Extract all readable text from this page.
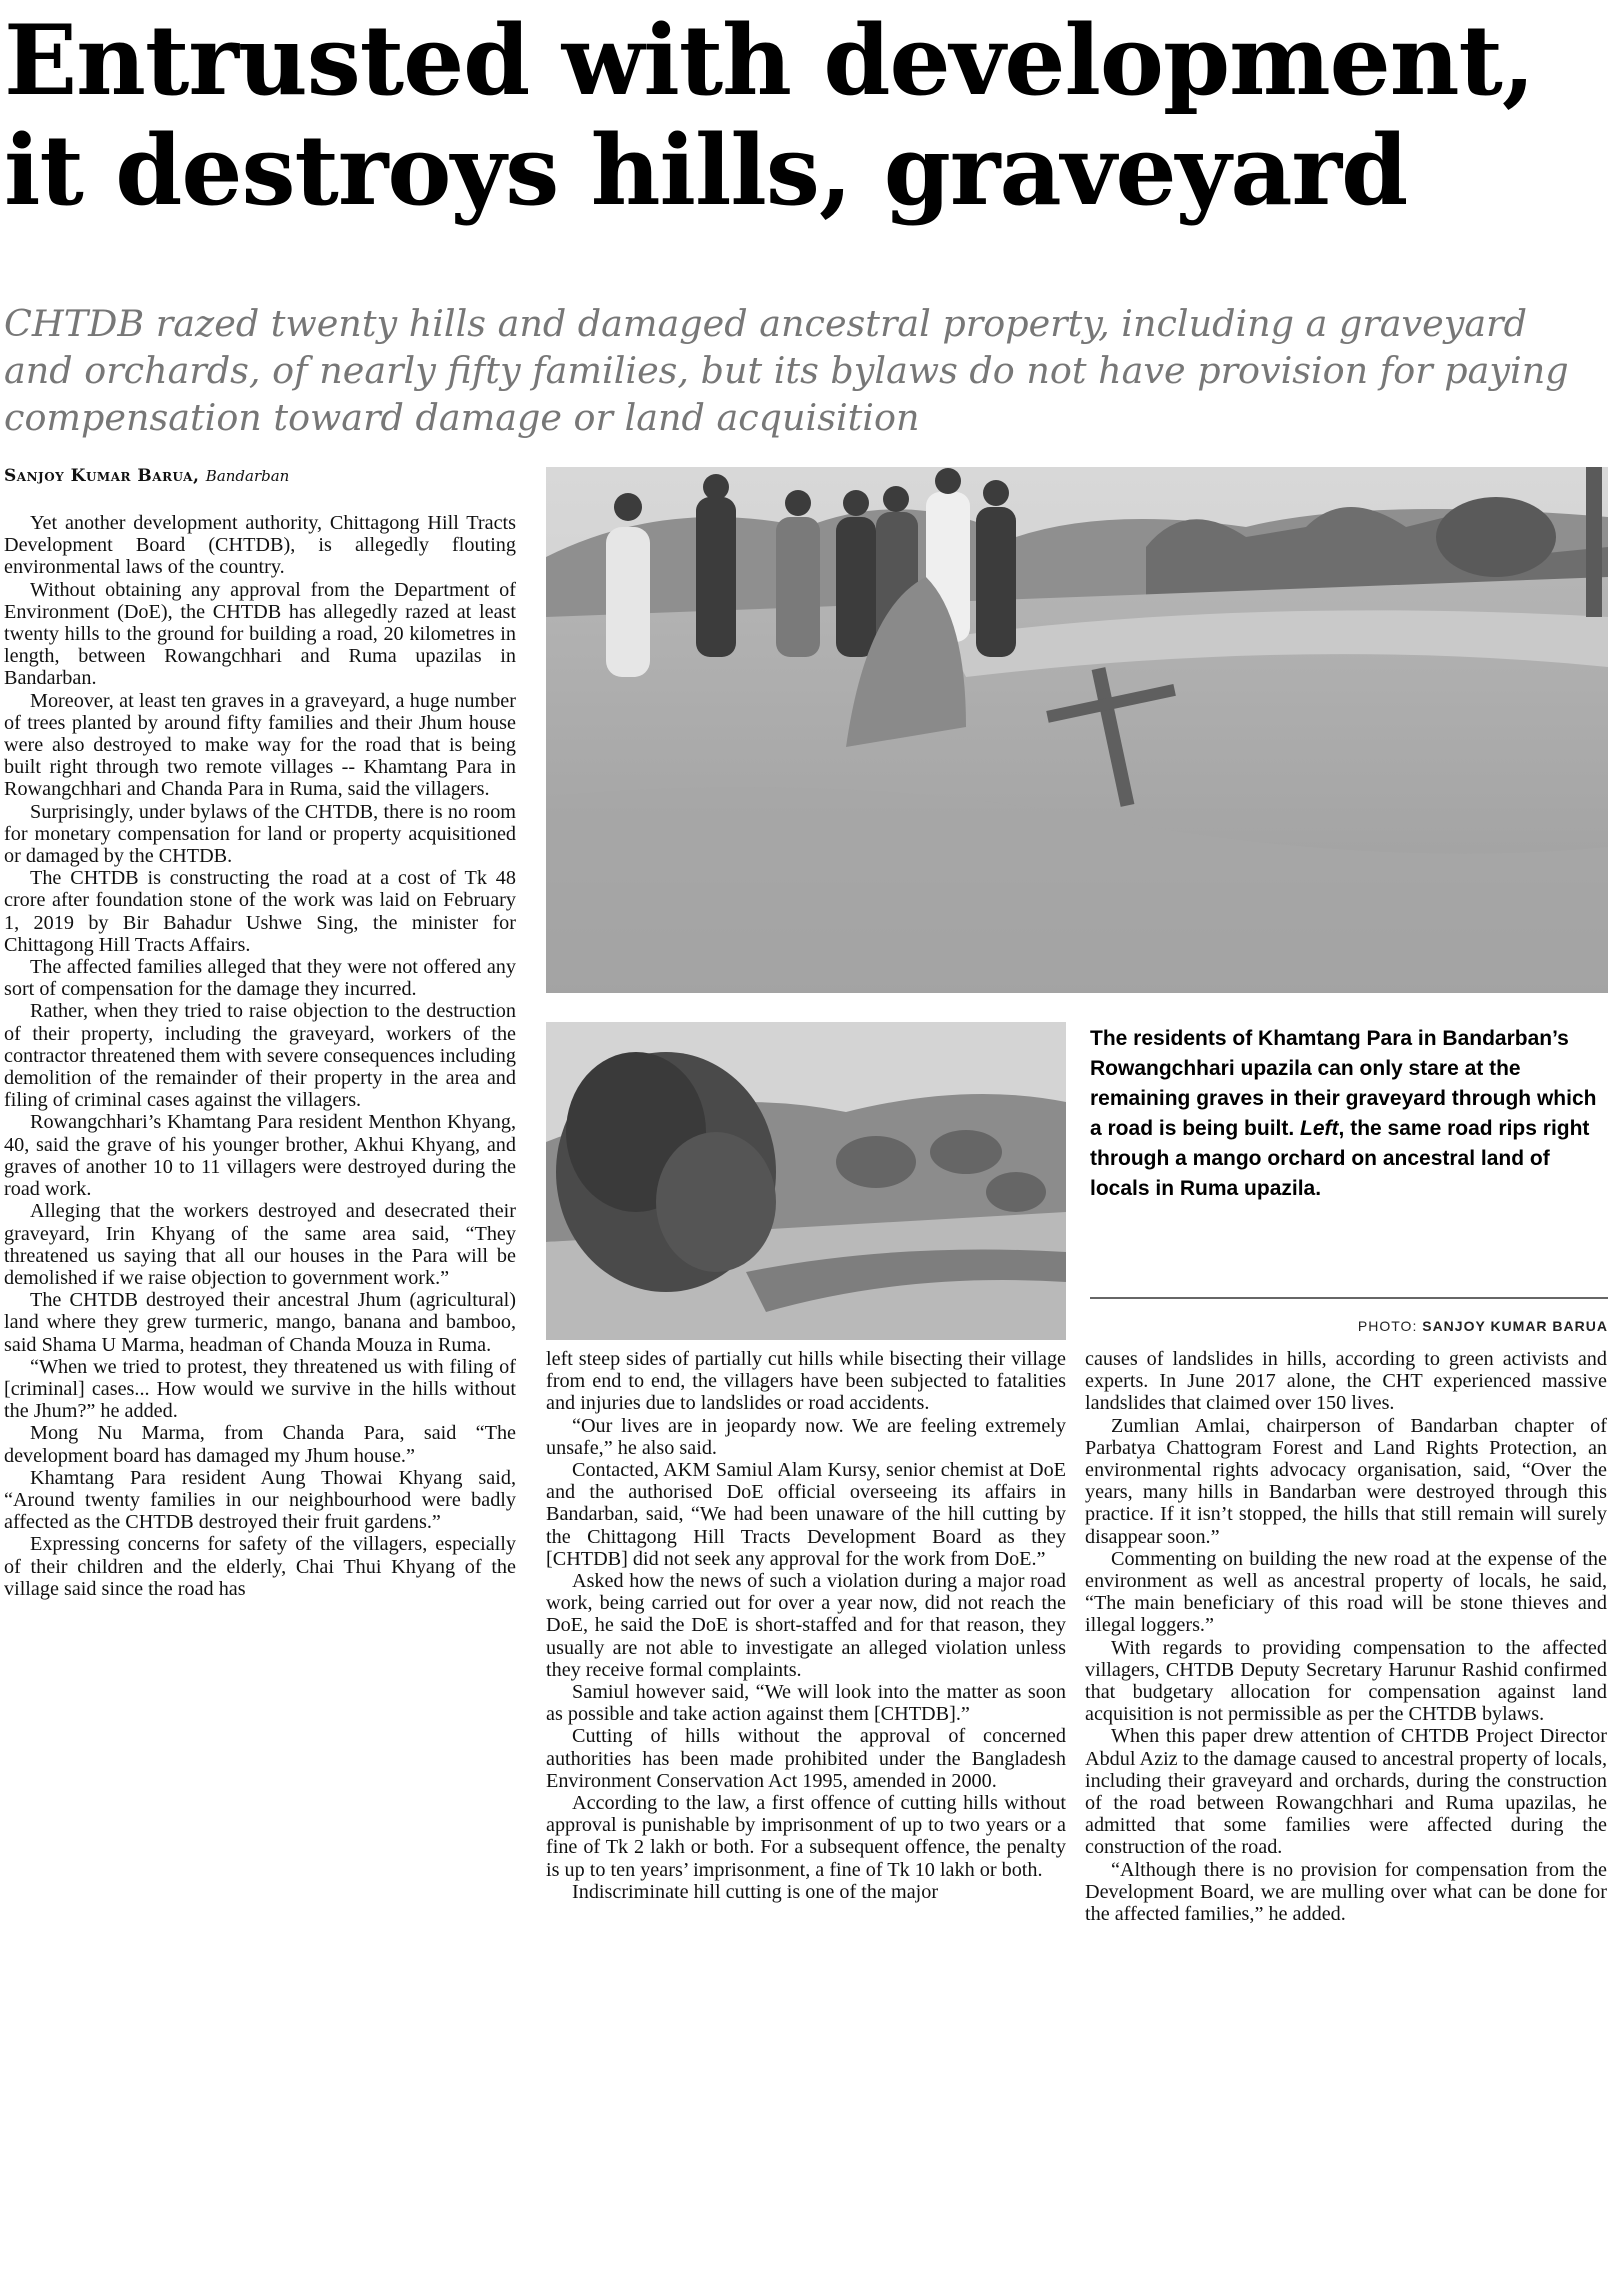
Entrusted with development,
it destroys hills, graveyard

CHTDB razed twenty hills and damaged ancestral property, including a graveyard and orchards, of nearly fifty families, but its bylaws do not have provision for paying compensation toward damage or land acquisition

Sanjoy Kumar Barua, Bandarban

The residents of Khamtang Para in Bandarban’s Rowangchhari upazila can only stare at the remaining graves in their graveyard through which a road is being built. Left, the same road rips right through a mango orchard on ancestral land of locals in Ruma upazila.

PHOTO: SANJOY KUMAR BARUA

Yet another development authority, Chittagong Hill Tracts Development Board (CHTDB), is allegedly flouting environmental laws of the country.

Without obtaining any approval from the Department of Environment (DoE), the CHTDB has allegedly razed at least twenty hills to the ground for building a road, 20 kilometres in length, between Rowangchhari and Ruma upazilas in Bandarban.

Moreover, at least ten graves in a graveyard, a huge number of trees planted by around fifty families and their Jhum house were also destroyed to make way for the road that is being built right through two remote villages -- Khamtang Para in Rowangchhari and Chanda Para in Ruma, said the villagers.

Surprisingly, under bylaws of the CHTDB, there is no room for monetary compensation for land or property acquisitioned or damaged by the CHTDB.

The CHTDB is constructing the road at a cost of Tk 48 crore after foundation stone of the work was laid on February 1, 2019 by Bir Bahadur Ushwe Sing, the minister for Chittagong Hill Tracts Affairs.

The affected families alleged that they were not offered any sort of compensation for the damage they incurred.

Rather, when they tried to raise objection to the destruction of their property, including the graveyard, workers of the contractor threatened them with severe consequences including demolition of the remainder of their property in the area and filing of criminal cases against the villagers.

Rowangchhari’s Khamtang Para resident Menthon Khyang, 40, said the grave of his younger brother, Akhui Khyang, and graves of another 10 to 11 villagers were destroyed during the road work.

Alleging that the workers destroyed and desecrated their graveyard, Irin Khyang of the same area said, “They threatened us saying that all our houses in the Para will be demolished if we raise objection to government work.”

The CHTDB destroyed their ancestral Jhum (agricultural) land where they grew turmeric, mango, banana and bamboo, said Shama U Marma, headman of Chanda Mouza in Ruma.

“When we tried to protest, they threatened us with filing of [criminal] cases... How would we survive in the hills without the Jhum?” he added.

Mong Nu Marma, from Chanda Para, said “The development board has damaged my Jhum house.”

Khamtang Para resident Aung Thowai Khyang said, “Around twenty families in our neighbourhood were badly affected as the CHTDB destroyed their fruit gardens.”

Expressing concerns for safety of the villagers, especially of their children and the elderly, Chai Thui Khyang of the village said since the road has

left steep sides of partially cut hills while bisecting their village from end to end, the villagers have been subjected to fatalities and injuries due to landslides or road accidents.

“Our lives are in jeopardy now. We are feeling extremely unsafe,” he also said.

Contacted, AKM Samiul Alam Kursy, senior chemist at DoE and the authorised DoE official overseeing its affairs in Bandarban, said, “We had been unaware of the hill cutting by the Chittagong Hill Tracts Development Board as they [CHTDB] did not seek any approval for the work from DoE.”

Asked how the news of such a violation during a major road work, being carried out for over a year now, did not reach the DoE, he said the DoE is short-staffed and for that reason, they usually are not able to investigate an alleged violation unless they receive formal complaints.

Samiul however said, “We will look into the matter as soon as possible and take action against them [CHTDB].”

Cutting of hills without the approval of concerned authorities has been made prohibited under the Bangladesh Environment Conservation Act 1995, amended in 2000.

According to the law, a first offence of cutting hills without approval is punishable by imprisonment of up to two years or a fine of Tk 2 lakh or both. For a subsequent offence, the penalty is up to ten years’ imprisonment, a fine of Tk 10 lakh or both.

Indiscriminate hill cutting is one of the major

causes of landslides in hills, according to green activists and experts. In June 2017 alone, the CHT experienced massive landslides that claimed over 150 lives.

Zumlian Amlai, chairperson of Bandarban chapter of Parbatya Chattogram Forest and Land Rights Protection, an environmental rights advocacy organisation, said, “Over the years, many hills in Bandarban were destroyed through this practice. If it isn’t stopped, the hills that still remain will surely disappear soon.”

Commenting on building the new road at the expense of the environment as well as ancestral property of locals, he said, “The main beneficiary of this road will be stone thieves and illegal loggers.”

With regards to providing compensation to the affected villagers, CHTDB Deputy Secretary Harunur Rashid confirmed that budgetary allocation for compensation against land acquisition is not permissible as per the CHTDB bylaws.

When this paper drew attention of CHTDB Project Director Abdul Aziz to the damage caused to ancestral property of locals, including their graveyard and orchards, during the construction of the road between Rowangchhari and Ruma upazilas, he admitted that some families were affected during the construction of the road.

“Although there is no provision for compensation from the Development Board, we are mulling over what can be done for the affected families,” he added.
